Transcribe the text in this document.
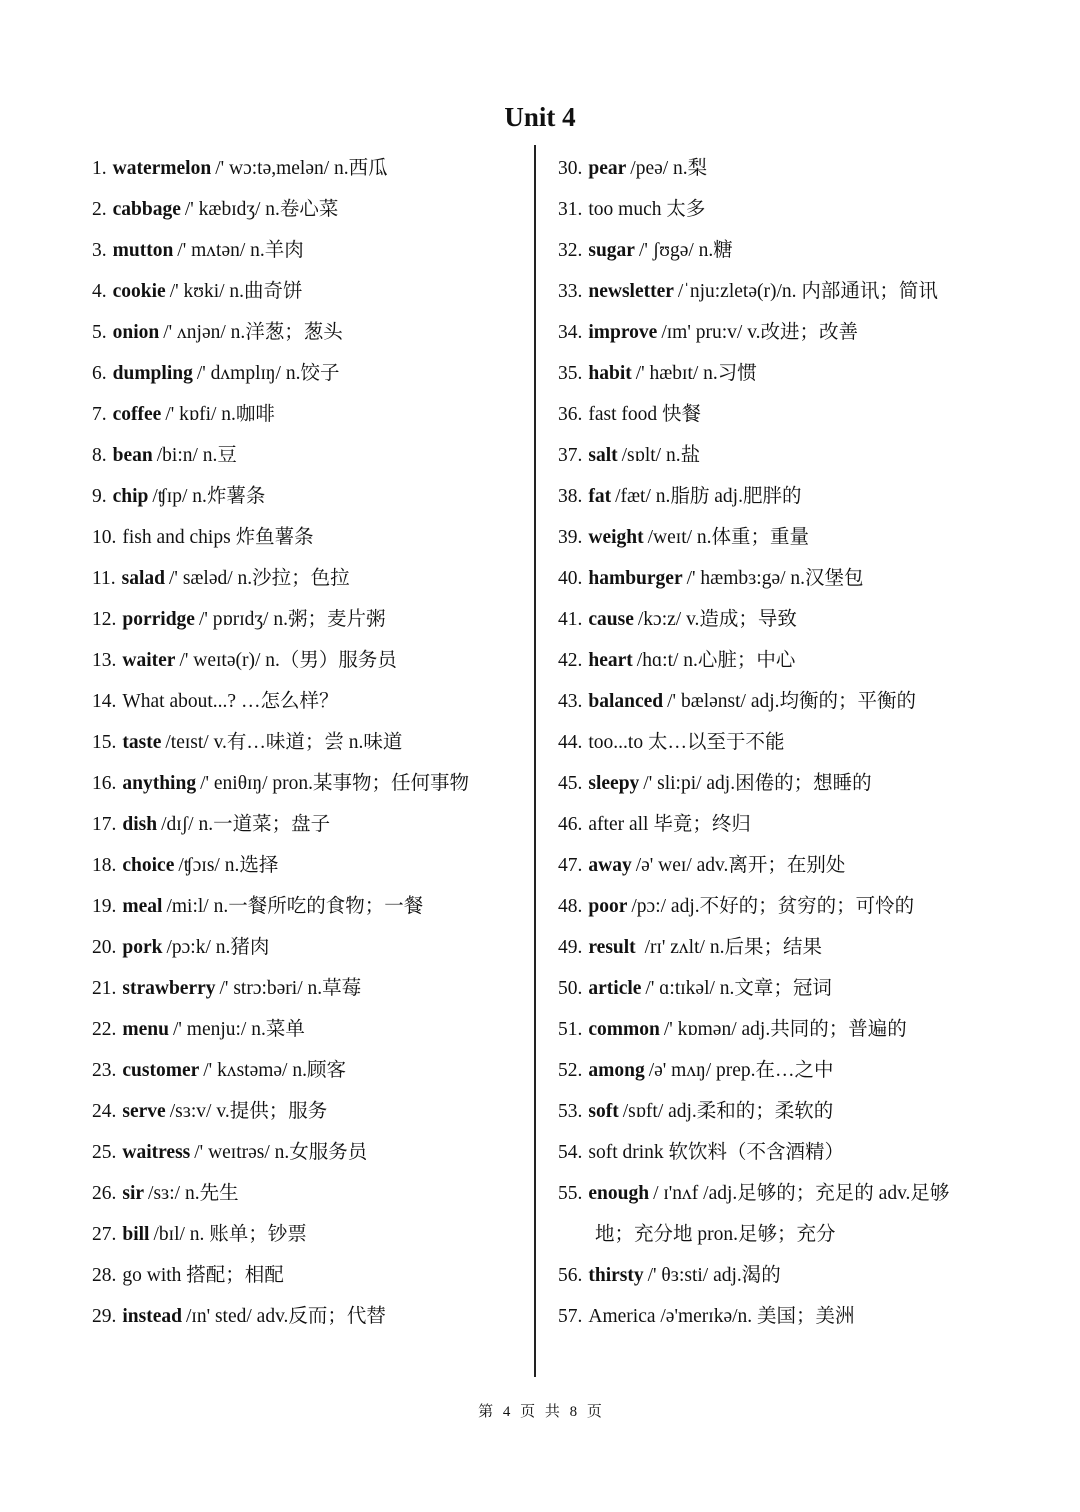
Unit 4
1. watermelon /' wɔ:tə,melən/ n.西瓜
2. cabbage /' kæbɪdʒ/ n.卷心菜
3. mutton /' mʌtən/ n.羊肉
4. cookie /' kʊki/ n.曲奇饼
5. onion /' ʌnjən/ n.洋葱；葱头
6. dumpling /' dʌmplɪŋ/ n.饺子
7. coffee /' kɒfi/ n.咖啡
8. bean /bi:n/ n.豆
9. chip /ʧɪp/ n.炸薯条
10. fish and chips 炸鱼薯条
11. salad /' sæləd/ n.沙拉；色拉
12. porridge /' pɒrɪdʒ/ n.粥；麦片粥
13. waiter /' weɪtə(r)/ n.（男）服务员
14. What about...? …怎么样？
15. taste /teɪst/ v.有…味道；尝 n.味道
16. anything /' eniθɪŋ/ pron.某事物；任何事物
17. dish /dɪʃ/ n.一道菜；盘子
18. choice /ʧɔɪs/ n.选择
19. meal /mi:l/ n.一餐所吃的食物；一餐
20. pork /pɔ:k/ n.猪肉
21. strawberry /' strɔ:bəri/ n.草莓
22. menu /' menju:/ n.菜单
23. customer /' kʌstəmə/ n.顾客
24. serve /sɜ:v/ v.提供；服务
25. waitress /' weɪtrəs/ n.女服务员
26. sir /sɜ:/ n.先生
27. bill /bɪl/ n. 账单；钞票
28. go with 搭配；相配
29. instead /ɪn' sted/ adv.反而；代替
30. pear /peə/ n.梨
31. too much 太多
32. sugar /' ʃʊgə/ n.糖
33. newsletter /ˈnju:zletə(r)/n. 内部通讯；简讯
34. improve /ɪm' pru:v/ v.改进；改善
35. habit /' hæbɪt/ n.习惯
36. fast food 快餐
37. salt /sɒlt/ n.盐
38. fat /fæt/ n.脂肪 adj.肥胖的
39. weight /weɪt/ n.体重；重量
40. hamburger /' hæmbɜ:gə/ n.汉堡包
41. cause /kɔ:z/ v.造成；导致
42. heart /hɑ:t/ n.心脏；中心
43. balanced /' bælənst/ adj.均衡的；平衡的
44. too...to 太…以至于不能
45. sleepy /' sli:pi/ adj.困倦的；想睡的
46. after all 毕竟；终归
47. away /ə' weɪ/ adv.离开；在别处
48. poor /pɔ:/ adj.不好的；贫穷的；可怜的
49. result /rɪ' zʌlt/ n.后果；结果
50. article /' ɑ:tɪkəl/ n.文章；冠词
51. common /' kɒmən/ adj.共同的；普遍的
52. among /ə' mʌŋ/ prep.在…之中
53. soft /sɒft/ adj.柔和的；柔软的
54. soft drink 软饮料（不含酒精）
55. enough / ɪ'nʌf /adj.足够的；充足的 adv.足够
地；充分地 pron.足够；充分
56. thirsty /' θɜ:sti/ adj.渴的
57. America /ə'merɪkə/n. 美国；美洲
第 4 页 共 8 页
